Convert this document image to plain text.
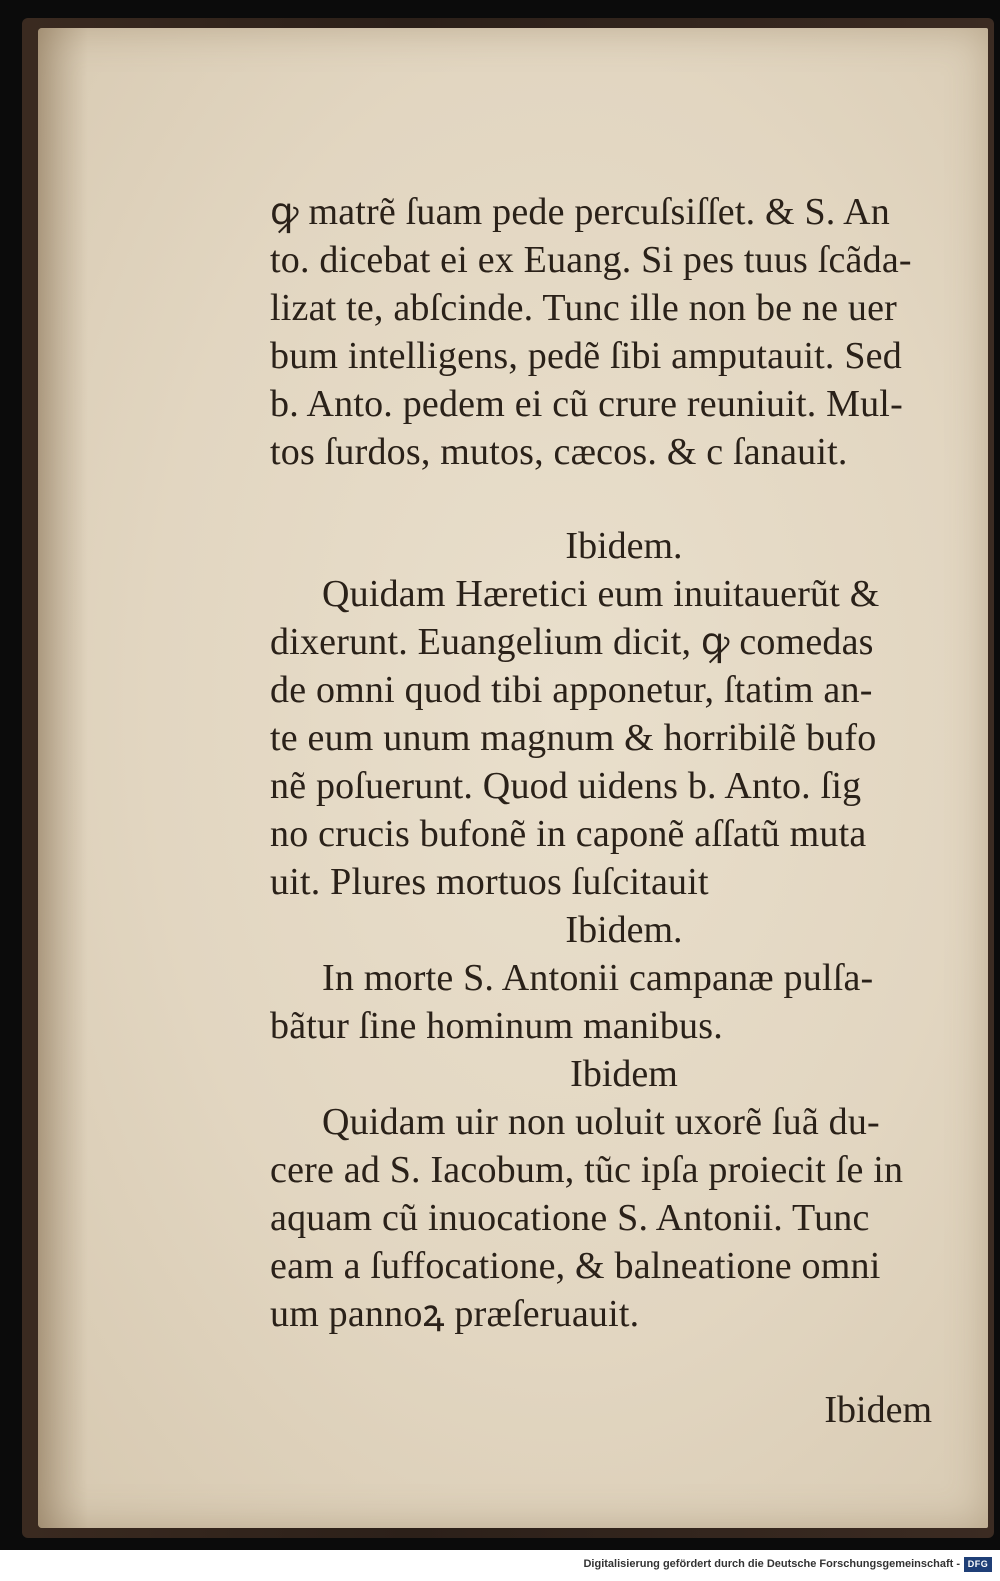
ꝙ matrẽ ſuam pede percuſsiſſet. & S. An
to. dicebat ei ex Euang. Si pes tuus ſcãda-
lizat te, abſcinde. Tunc ille non be ne uer
bum intelligens, pedẽ ſibi amputauit. Sed
b. Anto. pedem ei cũ crure reuniuit. Mul-
tos ſurdos, mutos, cæcos. & c ſanauit.
Ibidem.
Quidam Hæretici eum inuitauerũt &
dixerunt. Euangelium dicit, ꝙ comedas
de omni quod tibi apponetur, ſtatim an-
te eum unum magnum & horribilẽ bufo
nẽ poſuerunt. Quod uidens b. Anto. ſig
no crucis bufonẽ in caponẽ aſſatũ muta
uit. Plures mortuos ſuſcitauit
Ibidem.
In morte S. Antonii campanæ pulſa-
bãtur ſine hominum manibus.
Ibidem
Quidam uir non uoluit uxorẽ ſuã du-
cere ad S. Iacobum, tũc ipſa proiecit ſe in
aquam cũ inuocatione S. Antonii. Tunc
eam a ſuffocatione, & balneatione omni
um pannoꝝ præſeruauit.
Ibidem
Digitalisierung gefördert durch die Deutsche Forschungsgemeinschaft - DFG
